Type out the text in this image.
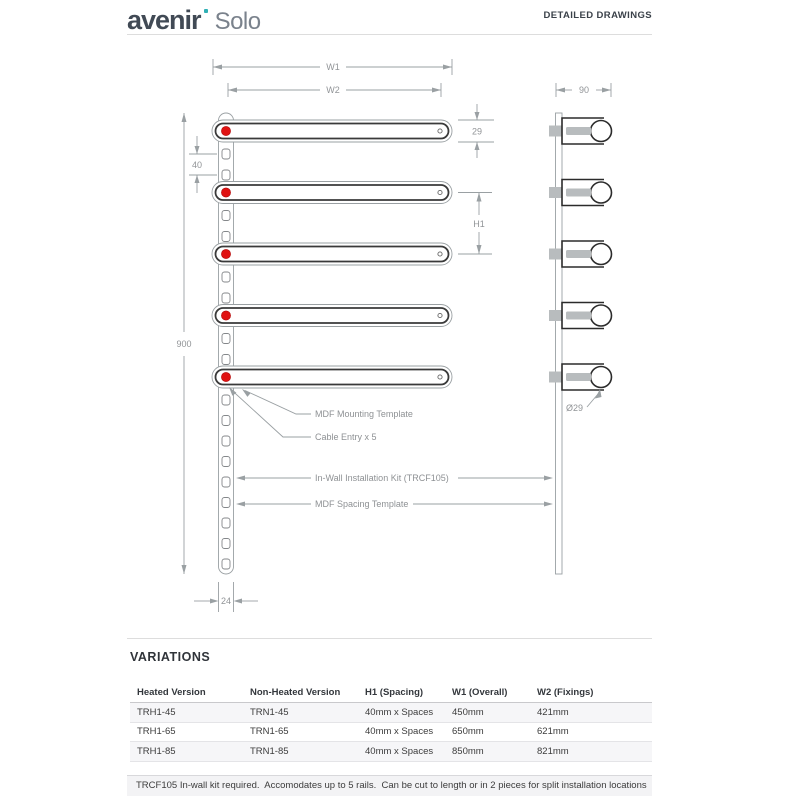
avenir Solo	DETAILED DRAWINGS
W1
W2
29
40
900
H1
24
MDF Mounting Template
Cable Entry x 5
In-Wall Installation Kit (TRCF105)
MDF Spacing Template
90
Ø29
VARIATIONS
Heated Version	Non-Heated Version	H1 (Spacing)	W1 (Overall)	W2 (Fixings)
TRH1-45	TRN1-45	40mm x Spaces	450mm	421mm
TRH1-65	TRN1-65	40mm x Spaces	650mm	621mm
TRH1-85	TRN1-85	40mm x Spaces	850mm	821mm
TRCF105 In-wall kit required.  Accomodates up to 5 rails.  Can be cut to length or in 2 pieces for split installation locations
